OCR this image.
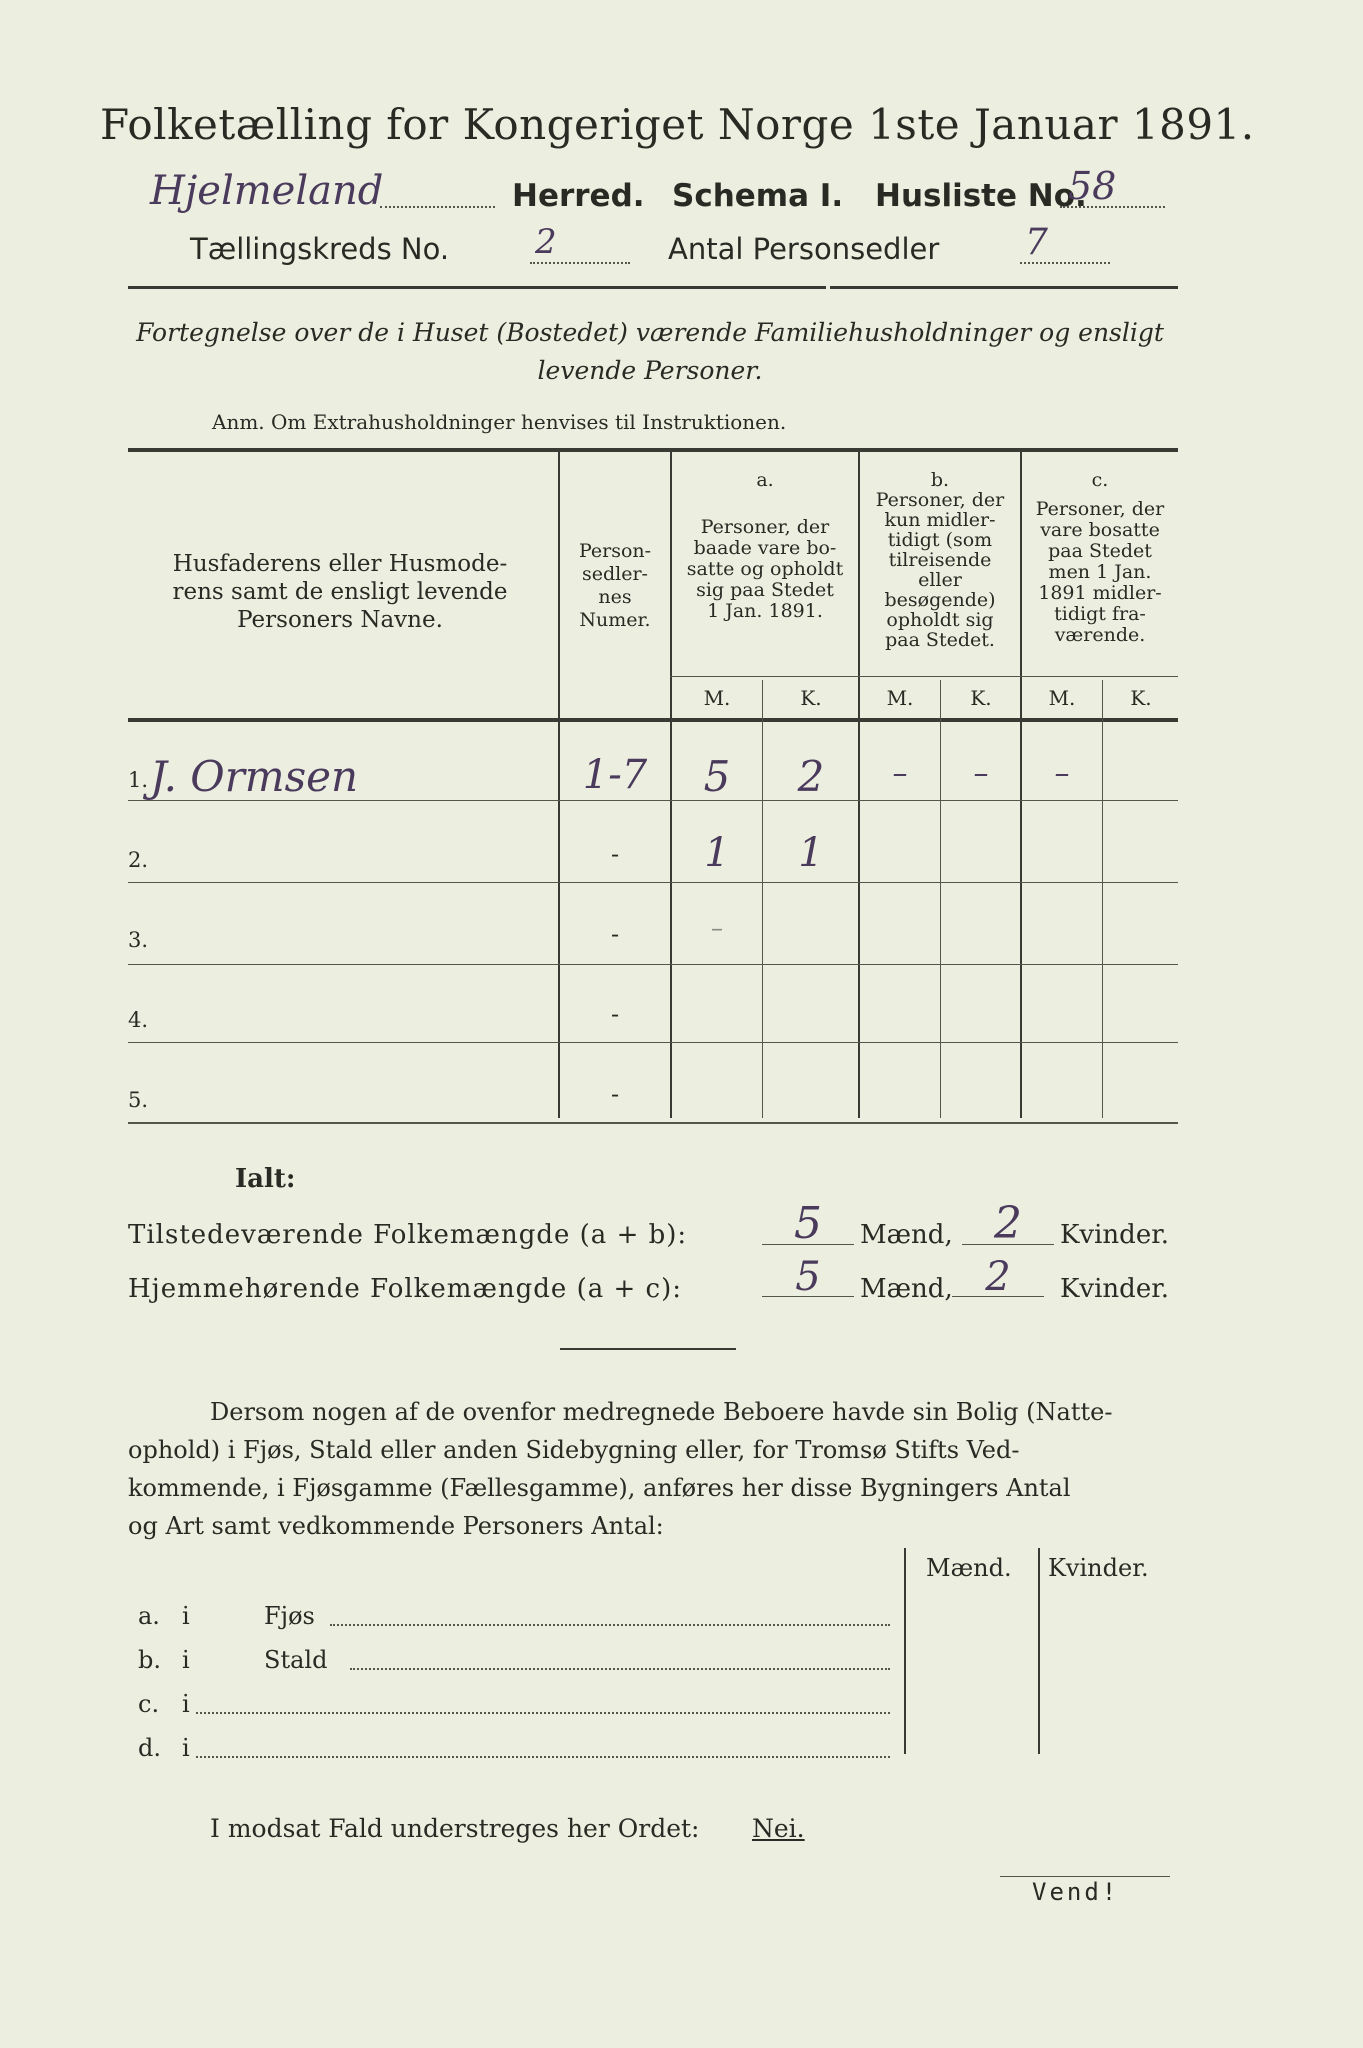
Folketælling for Kongeriget Norge 1ste Januar 1891.
Hjelmeland	Herred. Schema I. Husliste No.
58
Tællingskreds No.	2	Antal Personsedler 7
Fortegnelse over de i Huset (Bostedet) værende Familiehusholdninger og ensligt
levende Personer.
Anm. Om Extrahusholdninger henvises til Instruktionen.
Husfaderens eller Husmode-
rens samt de ensligt levende
Personers Navne.
Person-
sedler-
nes
Numer.
a.
Personer, der
baade vare bo-
satte og opholdt
sig paa Stedet
1 Jan. 1891.
b.
Personer, der
kun midler-
tidigt (som
tilreisende
eller
besøgende)
opholdt sig
paa Stedet.
c.
Personer, der
vare bosatte
paa Stedet
men 1 Jan.
1891 midler-
tidigt fra-
værende.
M.	K.	M.	K.	M.	K.
1. J. Ormsen	1-7	5	2	–	–	–
2.	-	1	1
3.	-	–
4.	-
5.	-
Ialt:
Tilstedeværende Folkemængde (a + b):	5	Mænd, 2	Kvinder.
Hjemmehørende Folkemængde (a + c):	5	Mænd, 2	Kvinder.
Dersom nogen af de ovenfor medregnede Beboere havde sin Bolig (Natte-
ophold) i Fjøs, Stald eller anden Sidebygning eller, for Tromsø Stifts Ved-
kommende, i Fjøsgamme (Fællesgamme), anføres her disse Bygningers Antal
og Art samt vedkommende Personers Antal:
Mænd. Kvinder.
a. i	Fjøs
b. i	Stald
c. i
d. i
I modsat Fald understreges her Ordet: Nei.
Vend!
